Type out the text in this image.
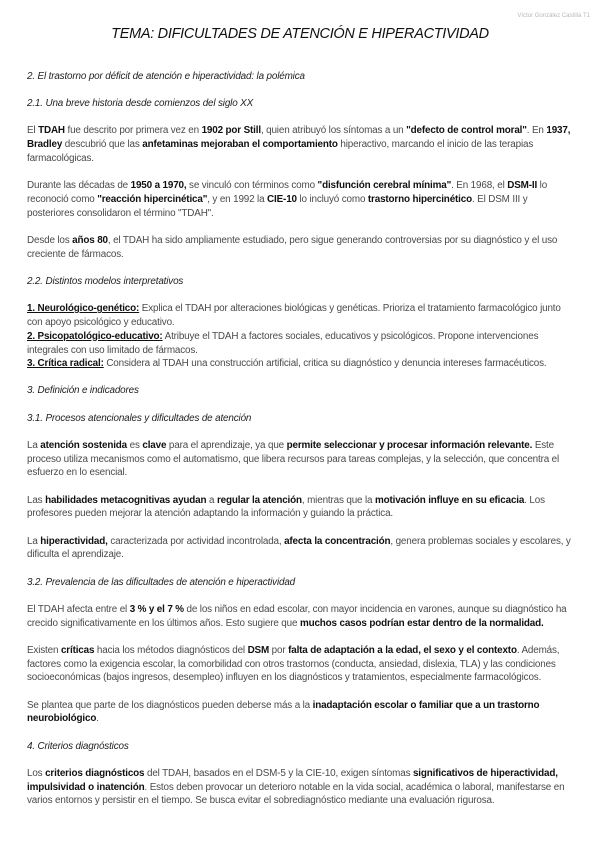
Víctor González Castilla T1
TEMA: DIFICULTADES DE ATENCIÓN E HIPERACTIVIDAD
2. El trastorno por déficit de atención e hiperactividad: la polémica
2.1. Una breve historia desde comienzos del siglo XX
El TDAH fue descrito por primera vez en 1902 por Still, quien atribuyó los síntomas a un "defecto de control moral". En 1937, Bradley descubrió que las anfetaminas mejoraban el comportamiento hiperactivo, marcando el inicio de las terapias farmacológicas.
Durante las décadas de 1950 a 1970, se vinculó con términos como "disfunción cerebral mínima". En 1968, el DSM-II lo reconoció como "reacción hipercinética", y en 1992 la CIE-10 lo incluyó como trastorno hipercinético. El DSM III y posteriores consolidaron el término "TDAH".
Desde los años 80, el TDAH ha sido ampliamente estudiado, pero sigue generando controversias por su diagnóstico y el uso creciente de fármacos.
2.2. Distintos modelos interpretativos
1. Neurológico-genético: Explica el TDAH por alteraciones biológicas y genéticas. Prioriza el tratamiento farmacológico junto con apoyo psicológico y educativo.
2. Psicopatológico-educativo: Atribuye el TDAH a factores sociales, educativos y psicológicos. Propone intervenciones integrales con uso limitado de fármacos.
3. Crítica radical: Considera al TDAH una construcción artificial, critica su diagnóstico y denuncia intereses farmacéuticos.
3. Definición e indicadores
3.1. Procesos atencionales y dificultades de atención
La atención sostenida es clave para el aprendizaje, ya que permite seleccionar y procesar información relevante. Este proceso utiliza mecanismos como el automatismo, que libera recursos para tareas complejas, y la selección, que concentra el esfuerzo en lo esencial.
Las habilidades metacognitivas ayudan a regular la atención, mientras que la motivación influye en su eficacia. Los profesores pueden mejorar la atención adaptando la información y guiando la práctica.
La hiperactividad, caracterizada por actividad incontrolada, afecta la concentración, genera problemas sociales y escolares, y dificulta el aprendizaje.
3.2. Prevalencia de las dificultades de atención e hiperactividad
El TDAH afecta entre el 3 % y el 7 % de los niños en edad escolar, con mayor incidencia en varones, aunque su diagnóstico ha crecido significativamente en los últimos años. Esto sugiere que muchos casos podrían estar dentro de la normalidad.
Existen críticas hacia los métodos diagnósticos del DSM por falta de adaptación a la edad, el sexo y el contexto. Además, factores como la exigencia escolar, la comorbilidad con otros trastornos (conducta, ansiedad, dislexia, TLA) y las condiciones socioeconómicas (bajos ingresos, desempleo) influyen en los diagnósticos y tratamientos, especialmente farmacológicos.
Se plantea que parte de los diagnósticos pueden deberse más a la inadaptación escolar o familiar que a un trastorno neurobiológico.
4. Criterios diagnósticos
Los criterios diagnósticos del TDAH, basados en el DSM-5 y la CIE-10, exigen síntomas significativos de hiperactividad, impulsividad o inatención. Estos deben provocar un deterioro notable en la vida social, académica o laboral, manifestarse en varios entornos y persistir en el tiempo. Se busca evitar el sobrediagnóstico mediante una evaluación rigurosa.
